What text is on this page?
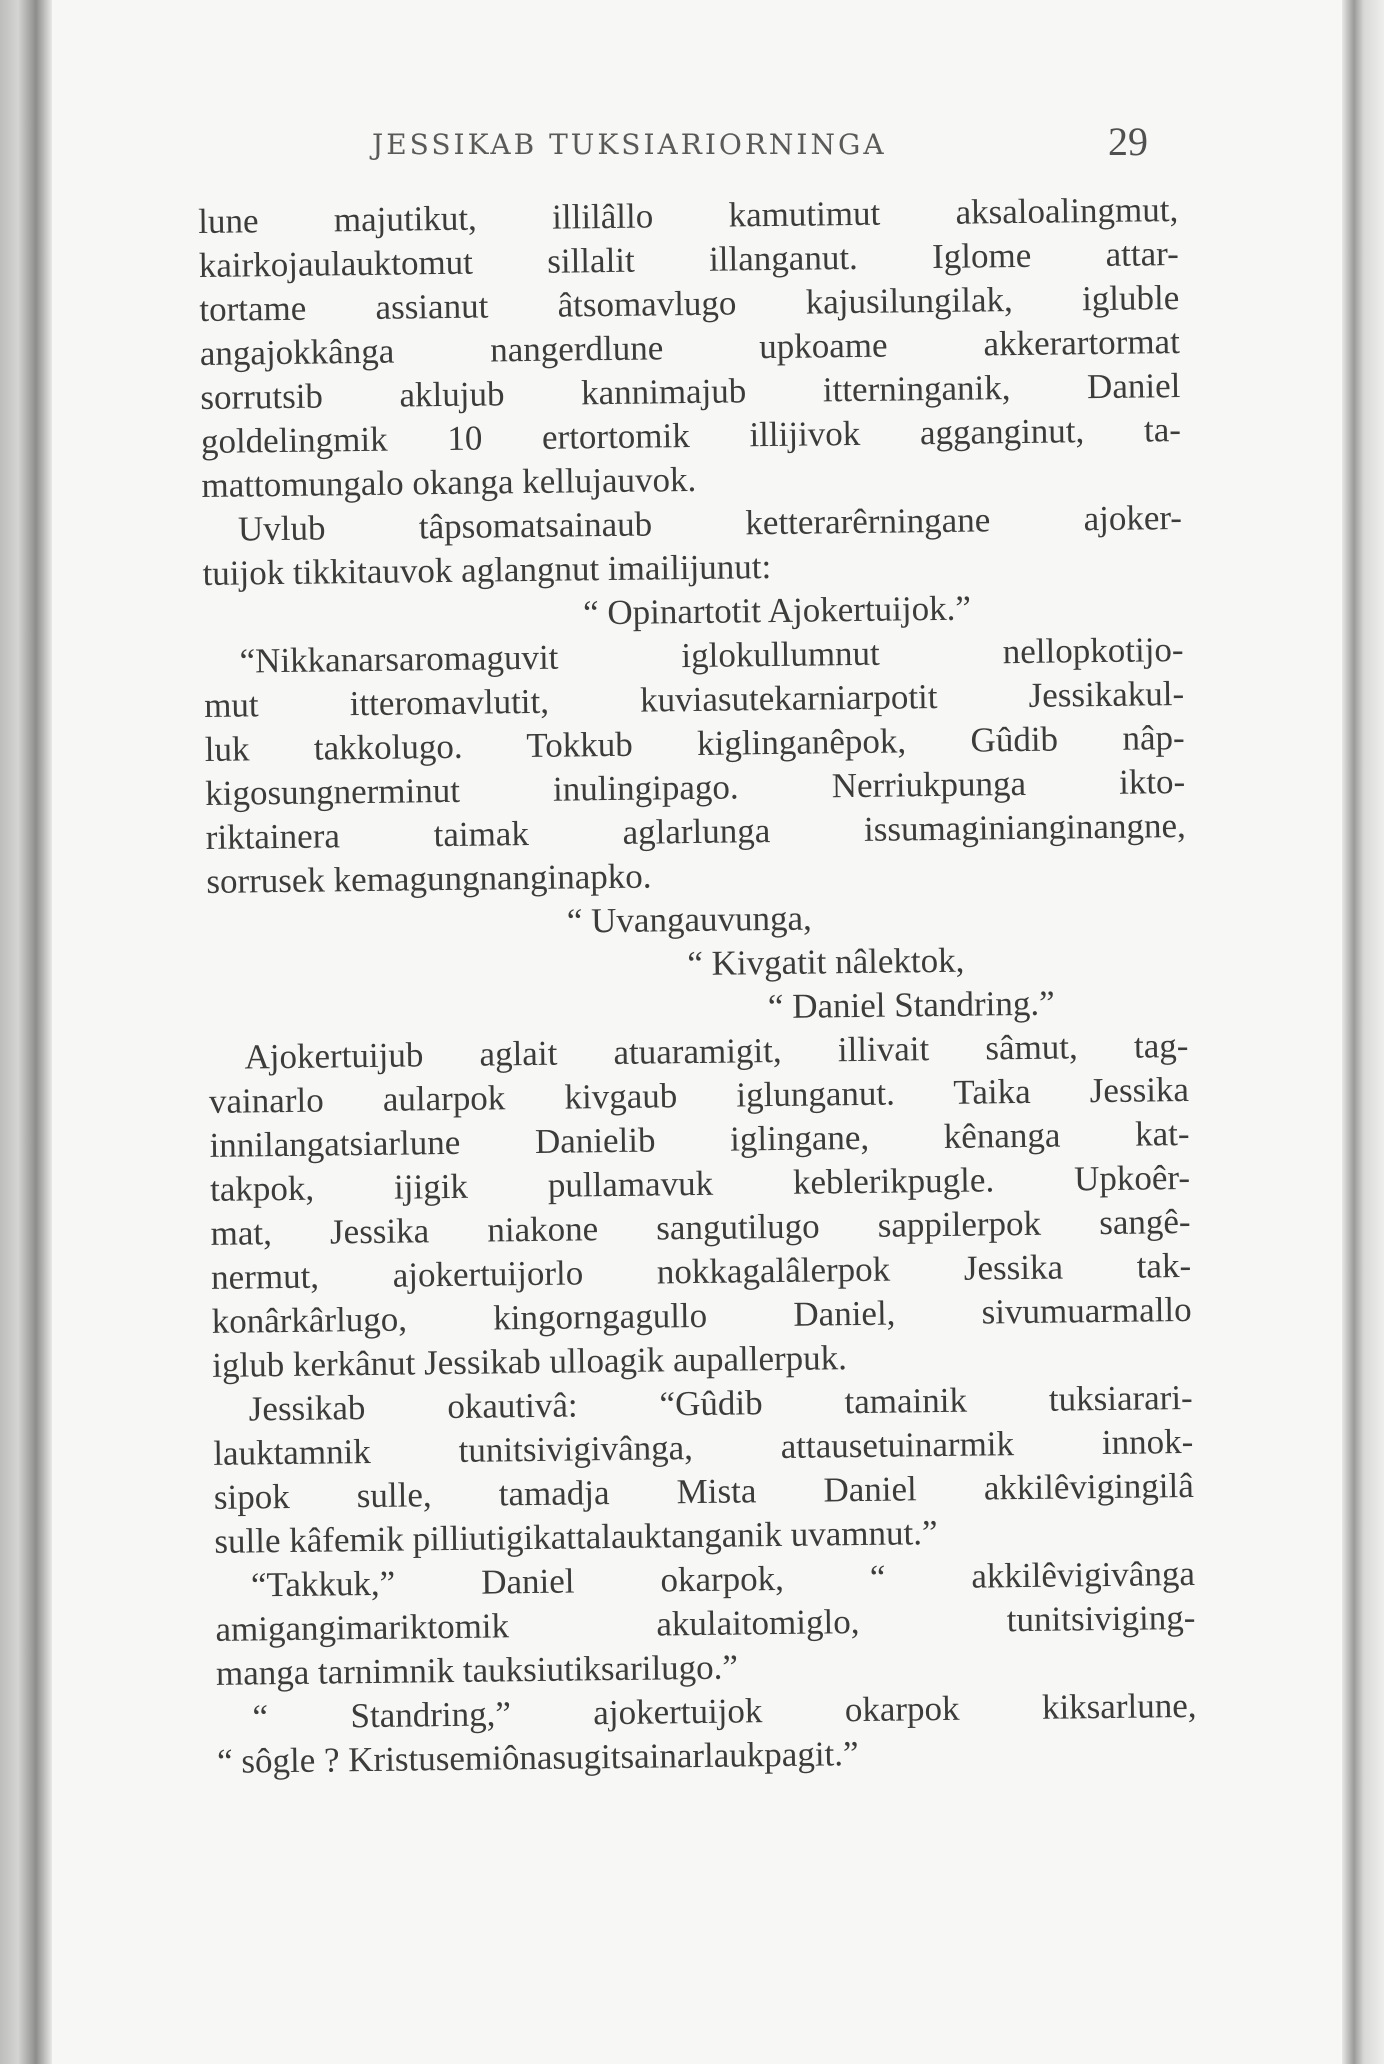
JESSIKAB TUKSIARIORNINGA	29
lune majutikut, illilâllo kamutimut aksaloalingmut,
kairkojaulauktomut sillalit illanganut. Iglome attar-
tortame assianut âtsomavlugo kajusilungilak, igluble
angajokkânga nangerdlune upkoame akkerartormat
sorrutsib aklujub kannimajub itterninganik, Daniel
goldelingmik 10 ertortomik illijivok agganginut, ta-
mattomungalo okanga kellujauvok.
Uvlub tâpsomatsainaub ketterarêrningane ajoker-
tuijok tikkitauvok aglangnut imailijunut:
“ Opinartotit Ajokertuijok.”
“Nikkanarsaromaguvit iglokullumnut nellopkotijo-
mut itteromavlutit, kuviasutekarniarpotit Jessikakul-
luk takkolugo. Tokkub kiglinganêpok, Gûdib nâp-
kigosungnerminut inulingipago. Nerriukpunga ikto-
riktainera taimak aglarlunga issumaginianginangne,
sorrusek kemagungnanginapko.
“ Uvangauvunga,
“ Kivgatit nâlektok,
“ Daniel Standring.”
Ajokertuijub aglait atuaramigit, illivait sâmut, tag-
vainarlo aularpok kivgaub iglunganut. Taika Jessika
innilangatsiarlune Danielib iglingane, kênanga kat-
takpok, ijigik pullamavuk keblerikpugle. Upkoêr-
mat, Jessika niakone sangutilugo sappilerpok sangê-
nermut, ajokertuijorlo nokkagalâlerpok Jessika tak-
konârkârlugo, kingorngagullo Daniel, sivumuarmallo
iglub kerkânut Jessikab ulloagik aupallerpuk.
Jessikab okautivâ: “Gûdib tamainik tuksiarari-
lauktamnik tunitsivigivânga, attausetuinarmik innok-
sipok sulle, tamadja Mista Daniel akkilêvigingilâ
sulle kâfemik pilliutigikattalauktanganik uvamnut.”
“Takkuk,” Daniel okarpok, “ akkilêvigivânga
amigangimariktomik akulaitomiglo, tunitsiviging-
manga tarnimnik tauksiutiksarilugo.”
“ Standring,” ajokertuijok okarpok kiksarlune,
“ sôgle ? Kristusemiônasugitsainarlaukpagit.”
